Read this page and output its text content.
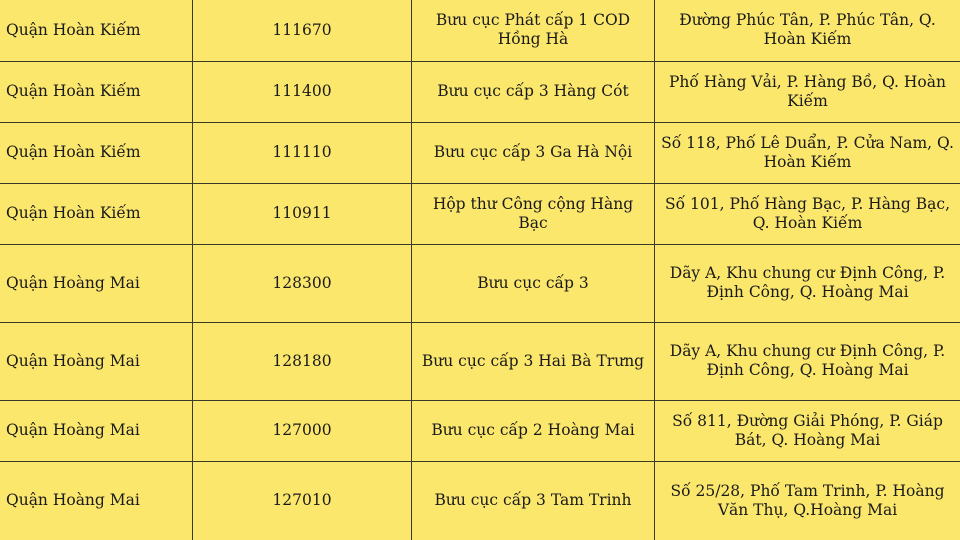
Quận Hoàn Kiếm	111670	Bưu cục Phát cấp 1 COD Hồng Hà	Đường Phúc Tân, P. Phúc Tân, Q. Hoàn Kiếm
Quận Hoàn Kiếm	111400	Bưu cục cấp 3 Hàng Cót	Phố Hàng Vải, P. Hàng Bồ, Q. Hoàn Kiếm
Quận Hoàn Kiếm	111110	Bưu cục cấp 3 Ga Hà Nội	Số 118, Phố Lê Duẩn, P. Cửa Nam, Q. Hoàn Kiếm
Quận Hoàn Kiếm	110911	Hộp thư Công cộng Hàng Bạc	Số 101, Phố Hàng Bạc, P. Hàng Bạc, Q. Hoàn Kiếm
Quận Hoàng Mai	128300	Bưu cục cấp 3	Dãy A, Khu chung cư Định Công, P. Định Công, Q. Hoàng Mai
Quận Hoàng Mai	128180	Bưu cục cấp 3 Hai Bà Trưng	Dãy A, Khu chung cư Định Công, P. Định Công, Q. Hoàng Mai
Quận Hoàng Mai	127000	Bưu cục cấp 2 Hoàng Mai	Số 811, Đường Giải Phóng, P. Giáp Bát, Q. Hoàng Mai
Quận Hoàng Mai	127010	Bưu cục cấp 3 Tam Trinh	Số 25/28, Phố Tam Trinh, P. Hoàng Văn Thụ, Q.Hoàng Mai
